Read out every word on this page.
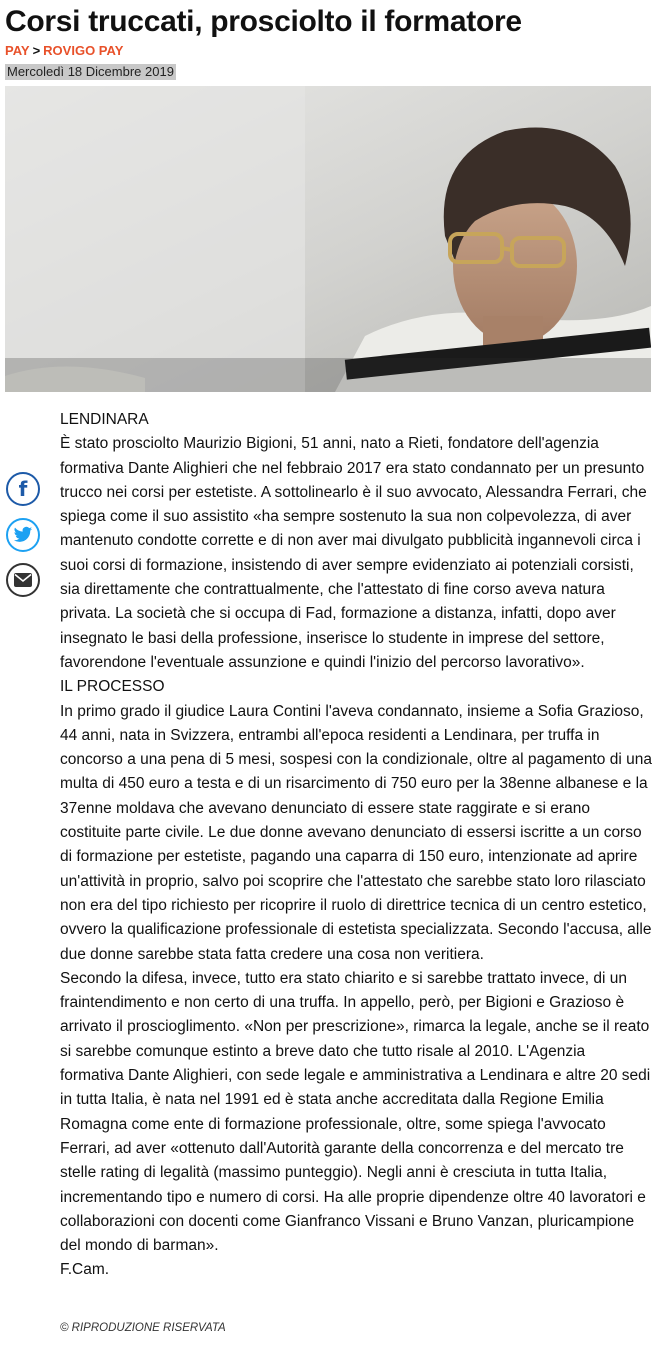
Corsi truccati, prosciolto il formatore
PAY > ROVIGO PAY
Mercoledì 18 Dicembre 2019
f

LENDINARA

È stato prosciolto Maurizio Bigioni, 51 anni, nato a Rieti, fondatore dell'agenzia formativa Dante Alighieri che nel febbraio 2017 era stato condannato per un presunto trucco nei corsi per estetiste. A sottolinearlo è il suo avvocato, Alessandra Ferrari, che spiega come il suo assistito «ha sempre sostenuto la sua non colpevolezza, di aver mantenuto condotte corrette e di non aver mai divulgato pubblicità ingannevoli circa i suoi corsi di formazione, insistendo di aver sempre evidenziato ai potenziali corsisti, sia direttamente che contrattualmente, che l'attestato di fine corso aveva natura privata. La società che si occupa di Fad, formazione a distanza, infatti, dopo aver insegnato le basi della professione, inserisce lo studente in imprese del settore, favorendone l'eventuale assunzione e quindi l'inizio del percorso lavorativo».

IL PROCESSO

In primo grado il giudice Laura Contini l'aveva condannato, insieme a Sofia Grazioso, 44 anni, nata in Svizzera, entrambi all'epoca residenti a Lendinara, per truffa in concorso a una pena di 5 mesi, sospesi con la condizionale, oltre al pagamento di una multa di 450 euro a testa e di un risarcimento di 750 euro per la 38enne albanese e la 37enne moldava che avevano denunciato di essere state raggirate e si erano costituite parte civile. Le due donne avevano denunciato di essersi iscritte a un corso di formazione per estetiste, pagando una caparra di 150 euro, intenzionate ad aprire un'attività in proprio, salvo poi scoprire che l'attestato che sarebbe stato loro rilasciato non era del tipo richiesto per ricoprire il ruolo di direttrice tecnica di un centro estetico, ovvero la qualificazione professionale di estetista specializzata. Secondo l'accusa, alle due donne sarebbe stata fatta credere una cosa non veritiera.

Secondo la difesa, invece, tutto era stato chiarito e si sarebbe trattato invece, di un fraintendimento e non certo di una truffa. In appello, però, per Bigioni e Grazioso è arrivato il proscioglimento. «Non per prescrizione», rimarca la legale, anche se il reato si sarebbe comunque estinto a breve dato che tutto risale al 2010. L'Agenzia formativa Dante Alighieri, con sede legale e amministrativa a Lendinara e altre 20 sedi in tutta Italia, è nata nel 1991 ed è stata anche accreditata dalla Regione Emilia Romagna come ente di formazione professionale, oltre, some spiega l'avvocato Ferrari, ad aver «ottenuto dall'Autorità garante della concorrenza e del mercato tre stelle rating di legalità (massimo punteggio). Negli anni è cresciuta in tutta Italia, incrementando tipo e numero di corsi. Ha alle proprie dipendenze oltre 40 lavoratori e collaborazioni con docenti come Gianfranco Vissani e Bruno Vanzan, pluricampione del mondo di barman».

F.Cam.

© RIPRODUZIONE RISERVATA
